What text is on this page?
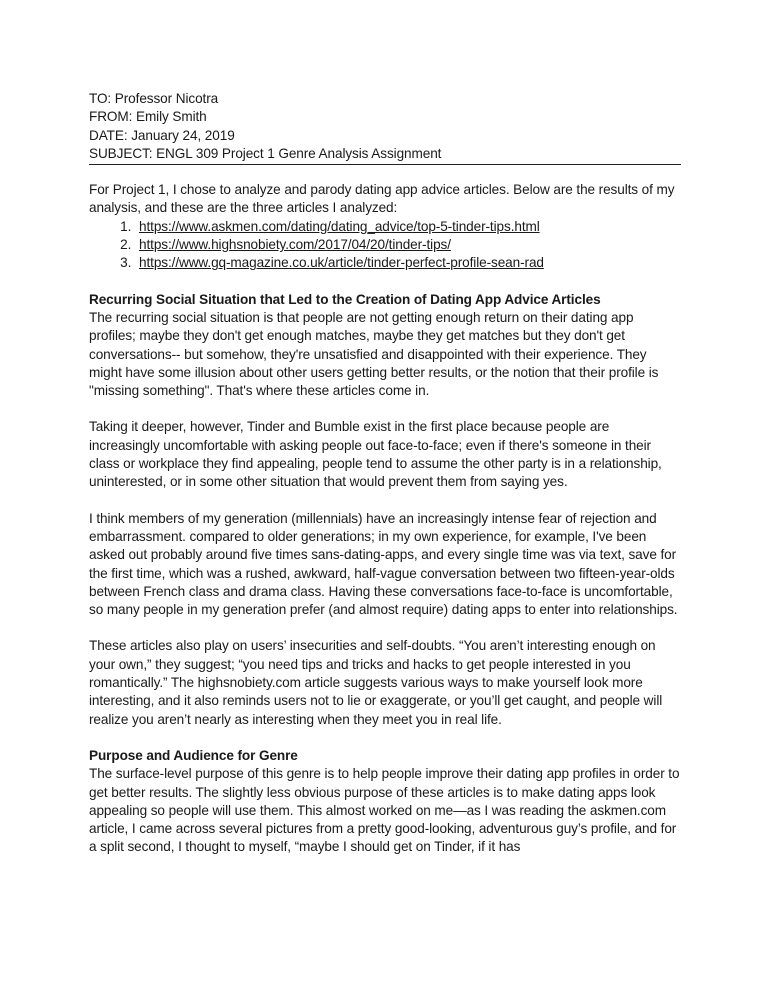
TO: Professor Nicotra
FROM: Emily Smith
DATE: January 24, 2019
SUBJECT: ENGL 309 Project 1 Genre Analysis Assignment

For Project 1, I chose to analyze and parody dating app advice articles. Below are the results of my analysis, and these are the three articles I analyzed:

1. https://www.askmen.com/dating/dating_advice/top-5-tinder-tips.html
2. https://www.highsnobiety.com/2017/04/20/tinder-tips/
3. https://www.gq-magazine.co.uk/article/tinder-perfect-profile-sean-rad
Recurring Social Situation that Led to the Creation of Dating App Advice Articles

The recurring social situation is that people are not getting enough return on their dating app profiles; maybe they don't get enough matches, maybe they get matches but they don't get conversations-- but somehow, they're unsatisfied and disappointed with their experience. They might have some illusion about other users getting better results, or the notion that their profile is "missing something". That's where these articles come in.

Taking it deeper, however, Tinder and Bumble exist in the first place because people are increasingly uncomfortable with asking people out face-to-face; even if there's someone in their class or workplace they find appealing, people tend to assume the other party is in a relationship, uninterested, or in some other situation that would prevent them from saying yes.

I think members of my generation (millennials) have an increasingly intense fear of rejection and embarrassment. compared to older generations; in my own experience, for example, I've been asked out probably around five times sans-dating-apps, and every single time was via text, save for the first time, which was a rushed, awkward, half-vague conversation between two fifteen-year-olds between French class and drama class. Having these conversations face-to-face is uncomfortable, so many people in my generation prefer (and almost require) dating apps to enter into relationships.

These articles also play on users’ insecurities and self-doubts. “You aren’t interesting enough on your own,” they suggest; “you need tips and tricks and hacks to get people interested in you romantically.” The highsnobiety.com article suggests various ways to make yourself look more interesting, and it also reminds users not to lie or exaggerate, or you’ll get caught, and people will realize you aren’t nearly as interesting when they meet you in real life.

Purpose and Audience for Genre

The surface-level purpose of this genre is to help people improve their dating app profiles in order to get better results. The slightly less obvious purpose of these articles is to make dating apps look appealing so people will use them. This almost worked on me—as I was reading the askmen.com article, I came across several pictures from a pretty good-looking, adventurous guy’s profile, and for a split second, I thought to myself, “maybe I should get on Tinder, if it has
